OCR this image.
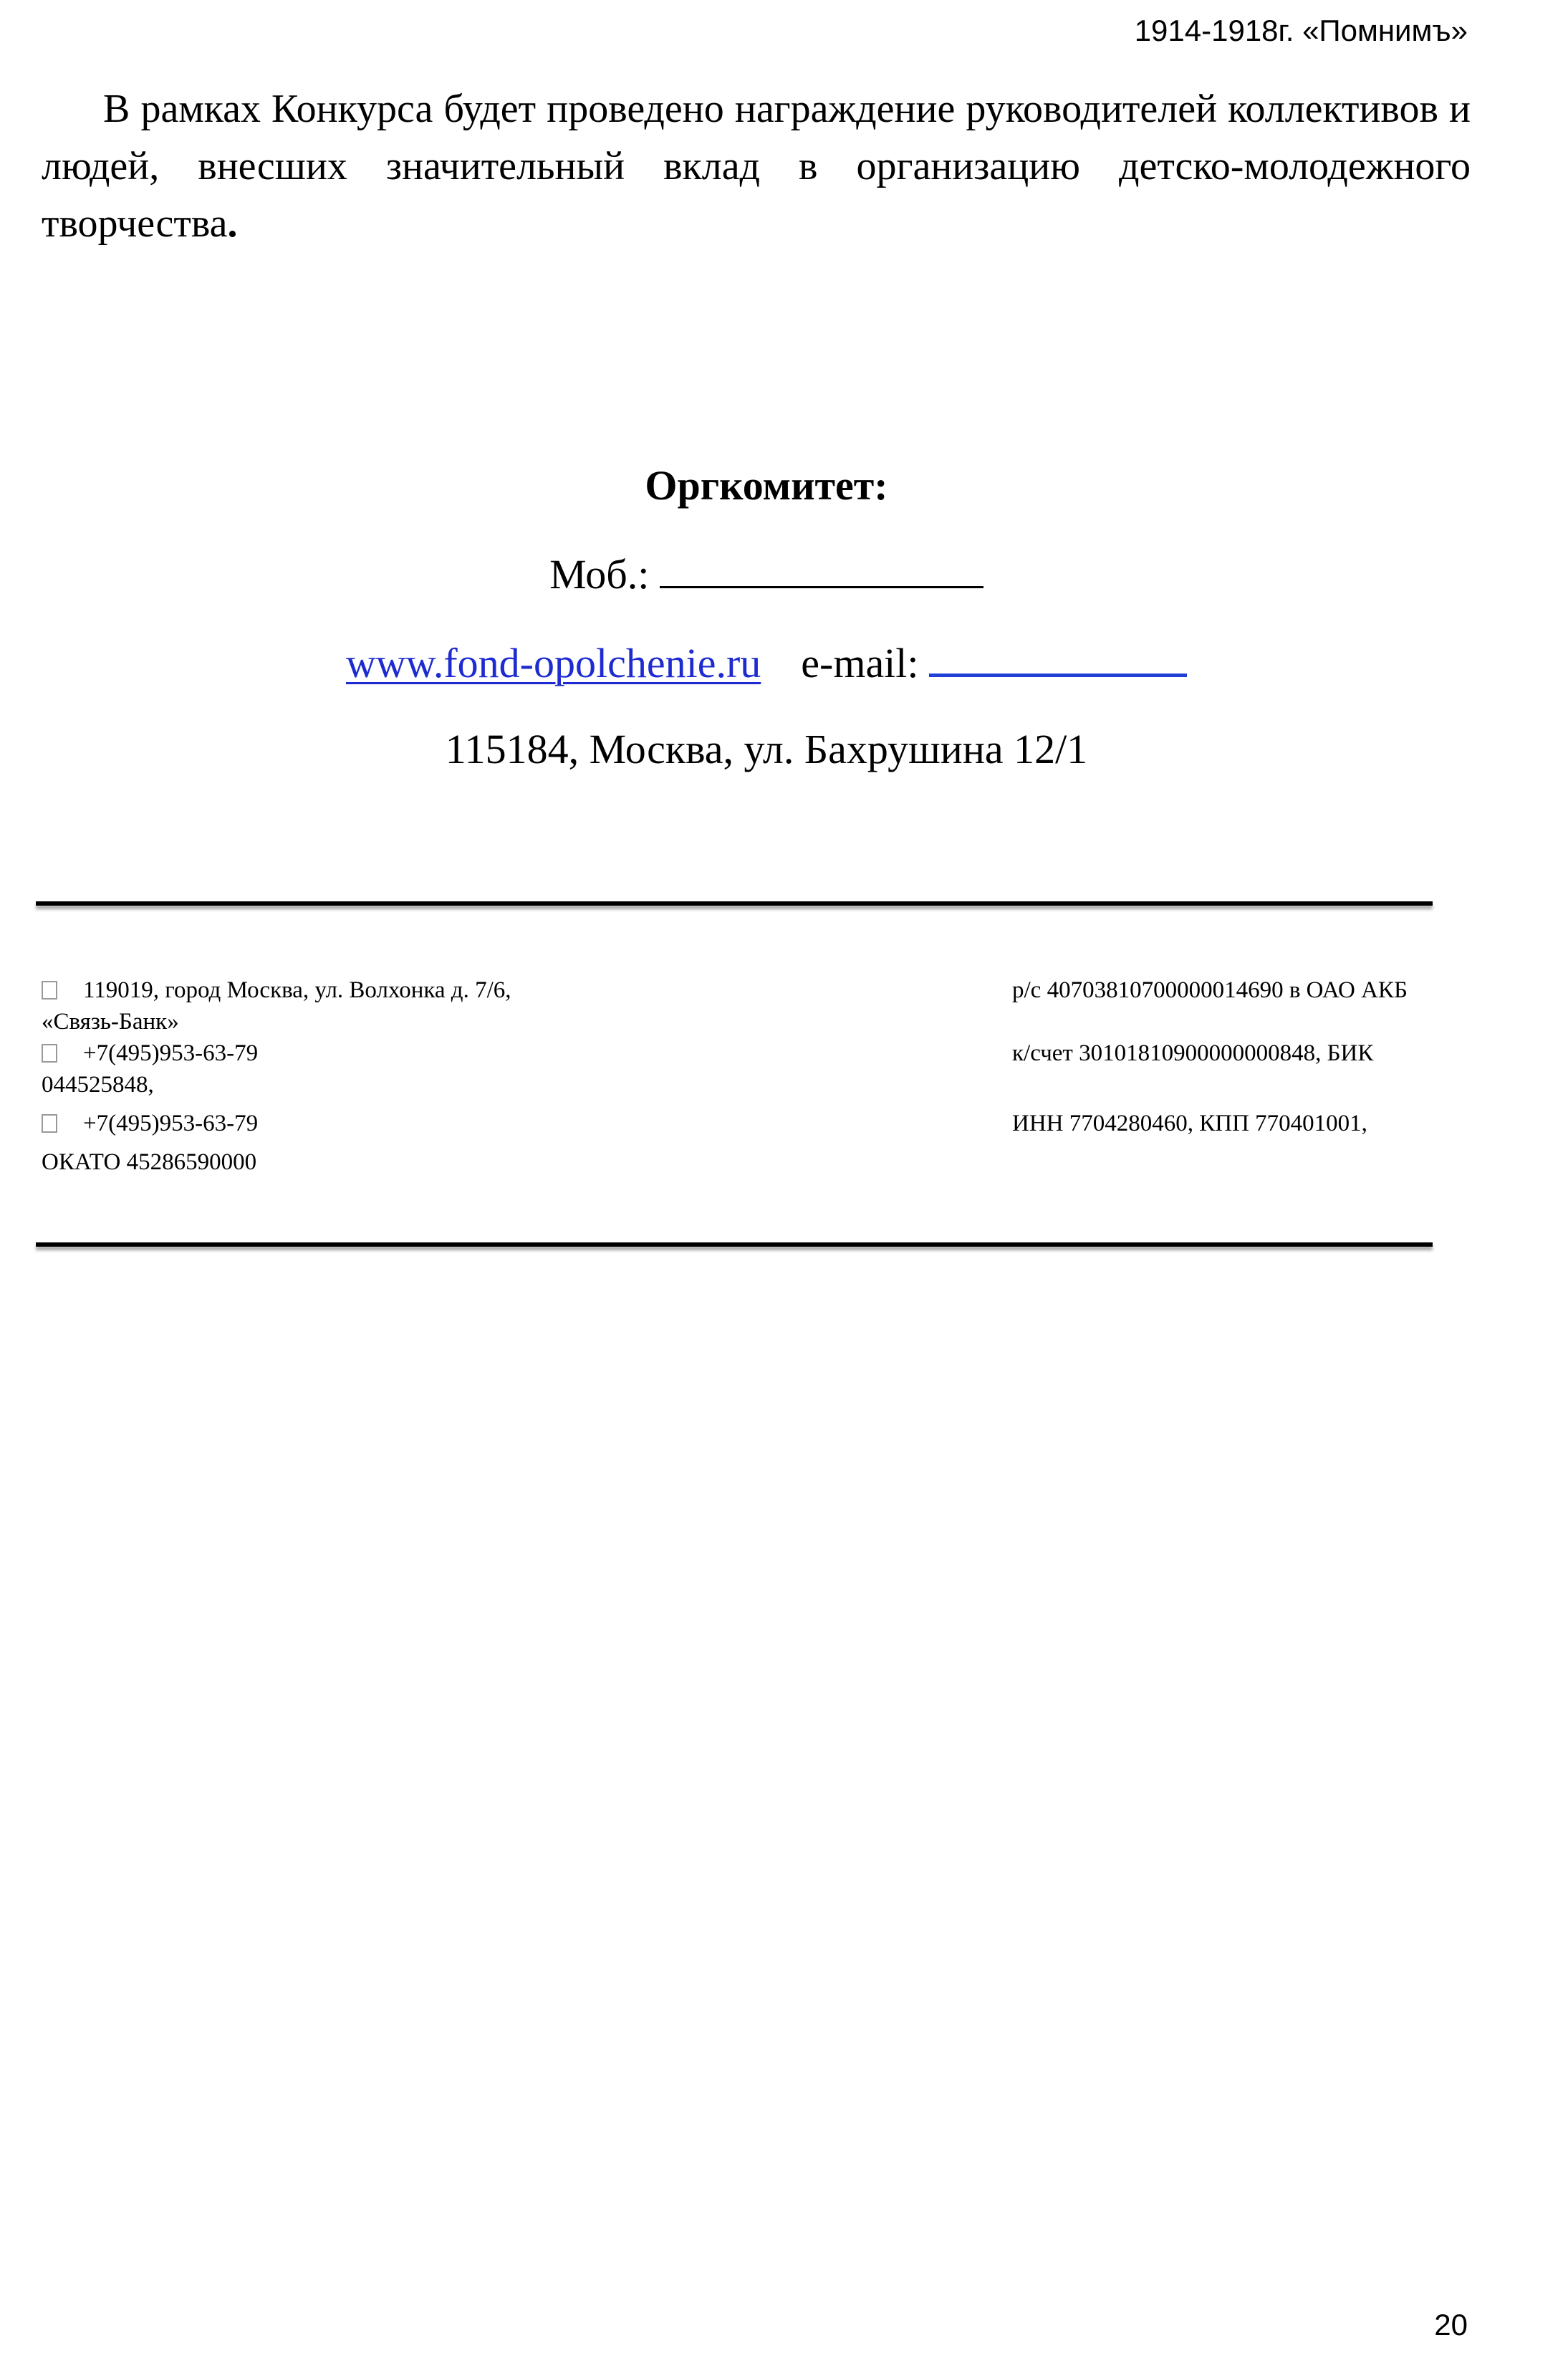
1914-1918г. «Помнимъ»

В рамках Конкурса будет проведено награждение руководителей коллективов и людей, внесших значительный вклад в организацию детско-молодежного творчества.

Оргкомитет:
Моб.:
www.fond-opolchenie.ru e-mail:
115184, Москва, ул. Бахрушина 12/1
119019, город Москва, ул. Волхонка д. 7/6,	р/с 40703810700000014690 в ОАО АКБ
«Связь-Банк»
+7(495)953-63-79	к/счет 30101810900000000848, БИК
044525848,
+7(495)953-63-79	ИНН 7704280460, КПП 770401001,
ОКАТО 45286590000
20
